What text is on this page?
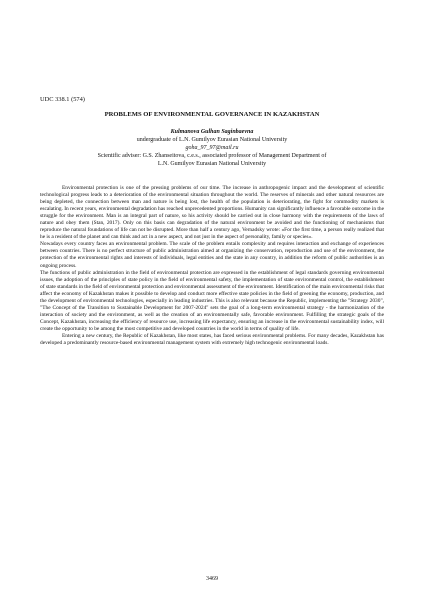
UDC 338.1 (574)
PROBLEMS OF ENVIRONMENTAL GOVERNANCE IN KAZAKHSTAN
Kulmanova Gulhan Saginbaevna
undergraduate of L.N. Gumilyov Eurasian National University
goha_97_97@mail.ru
Scientific adviser: G.S. Zhansеitova, c.e.s., associated professor of Management Department of
L.N. Gumilyov Eurasian National University

Environmental protection is one of the pressing problems of our time. The increase in anthropogenic impact and the development of scientific technological progress leads to a deterioration of the environmental situation throughout the world. The reserves of minerals and other natural resources are being depleted, the connection between man and nature is being lost, the health of the population is deteriorating, the fight for commodity markets is escalating. In recent years, environmental degradation has reached unprecedented proportions. Humanity can significantly influence a favorable outcome in the struggle for the environment. Man is an integral part of nature, so his activity should be carried out in close harmony with the requirements of the laws of nature and obey them (Stan, 2017). Only on this basis can degradation of the natural environment be avoided and the functioning of mechanisms that reproduce the natural foundations of life can not be disrupted. More than half a century ago, Vernadsky wrote: «For the first time, a person really realized that he is a resident of the planet and can think and act in a new aspect, and not just in the aspect of personality, family or species».

Nowadays every country faces an environmental problem. The scale of the problem entails complexity and requires interaction and exchange of experiences between countries. There is no perfect structure of public administration aimed at organizing the conservation, reproduction and use of the environment, the protection of the environmental rights and interests of individuals, legal entities and the state in any country, in addition the reform of public authorities is an ongoing process.

The functions of public administration in the field of environmental protection are expressed in the establishment of legal standards governing environmental issues, the adoption of the principles of state policy in the field of environmental safety, the implementation of state environmental control, the establishment of state standards in the field of environmental protection and environmental assessment of the environment. Identification of the main environmental risks that affect the economy of Kazakhstan makes it possible to develop and conduct more effective state policies in the field of greening the economy, production, and the development of environmental technologies, especially in leading industries. This is also relevant because the Republic, implementing the "Strategy 2030", "The Concept of the Transition to Sustainable Development for 2007-2024" sets the goal of a long-term environmental strategy - the harmonization of the interaction of society and the environment, as well as the creation of an environmentally safe, favorable environment. Fulfilling the strategic goals of the Concept, Kazakhstan, increasing the efficiency of resource use, increasing life expectancy, ensuring an increase in the environmental sustainability index, will create the opportunity to be among the most competitive and developed countries in the world in terms of quality of life.

Entering a new century, the Republic of Kazakhstan, like most states, has faced serious environmental problems. For many decades, Kazakhstan has developed a predominantly resource-based environmental management system with extremely high technogenic environmental loads.

3469
